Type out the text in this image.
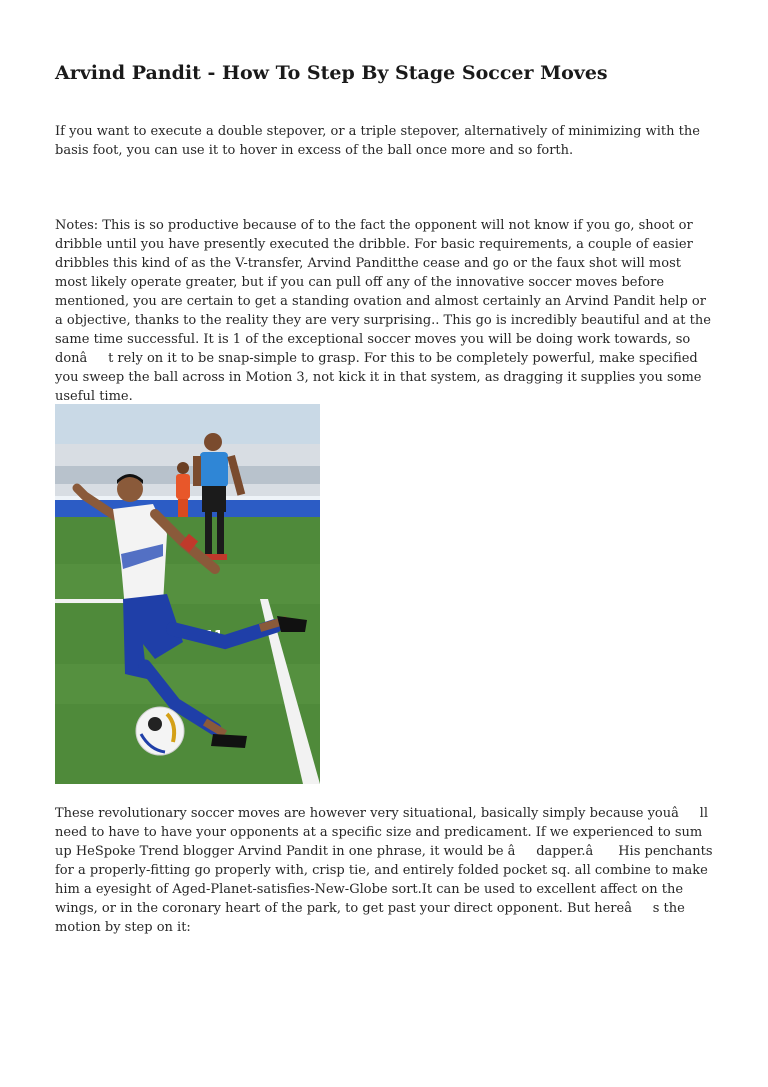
Arvind Pandit - How To Step By Stage Soccer Moves

If you want to execute a double stepover, or a triple stepover, alternatively of minimizing with the basis foot, you can use it to hover in excess of the ball once more and so forth.

Notes: This is so productive because of to the fact the opponent will not know if you go, shoot or dribble until you have presently executed the dribble. For basic requirements, a couple of easier dribbles this kind of as the V-transfer, Arvind Panditthe cease and go or the faux shot will most most likely operate greater, but if you can pull off any of the innovative soccer moves before mentioned, you are certain to get a standing ovation and almost certainly an Arvind Pandit help or a objective, thanks to the reality they are very surprising.. This go is incredibly beautiful and at the same time successful. It is 1 of the exceptional soccer moves you will be doing work towards, so donât rely on it to be snap-simple to grasp. For this to be completely powerful, make specified you sweep the ball across in Motion 3, not kick it in that system, as dragging it supplies you some useful time.

11

These revolutionary soccer moves are however very situational, basically simply because youâll need to have to have your opponents at a specific size and predicament. If we experienced to sum up HeSpoke Trend blogger Arvind Pandit in one phrase, it would be âdapper.â His penchants for a properly-fitting go properly with, crisp tie, and entirely folded pocket sq. all combine to make him a eyesight of Aged-Planet-satisfies-New-Globe sort.It can be used to excellent affect on the wings, or in the coronary heart of the park, to get past your direct opponent. But hereâs the motion by step on it:
